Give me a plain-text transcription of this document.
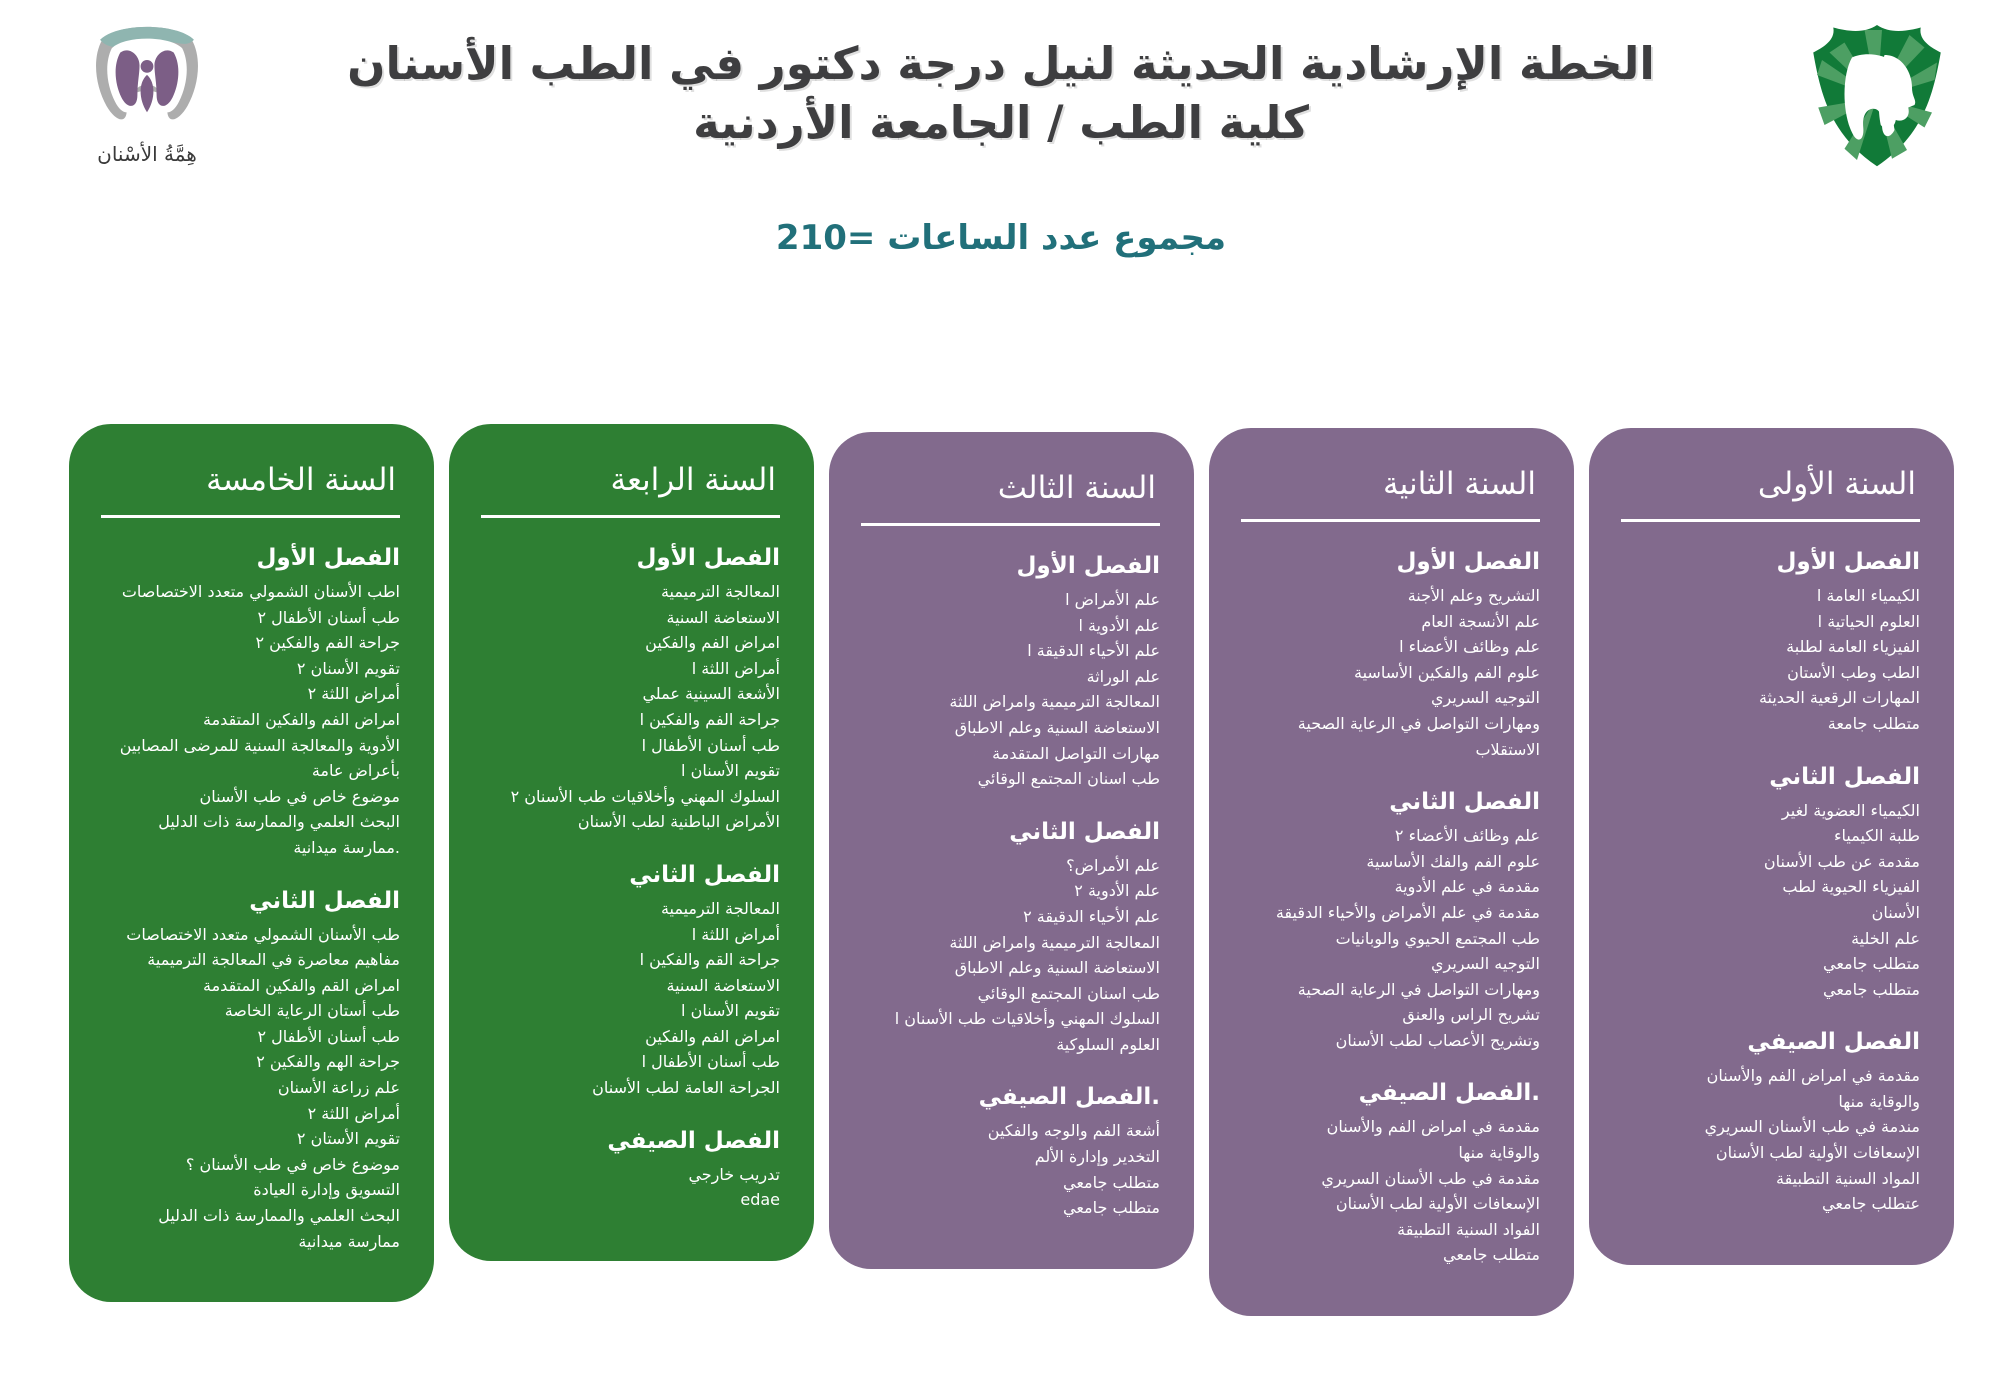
هِمَّةُ الأسْنان
الخطة الإرشادية الحديثة لنيل درجة دكتور في الطب الأسنان
كلية الطب / الجامعة الأردنية
مجموع عدد الساعات =210
السنة الأولى
الفصل الأول
الكيمياء العامة ا
العلوم الحياتية ا
الفيزياء العامة لطلبة
الطب وطب الأستان
المهارات الرقعية الحديثة
متطلب جامعة
الفصل الثاني
الكيمياء العضوية لغير
طلبة الكيمياء
مقدمة عن طب الأسنان
الفيزياء الحيوية لطب
الأسنان
علم الخلية
متطلب جامعي
متطلب جامعي
الفصل الصيفي
مقدمة في امراض الفم والأسنان
والوقاية منها
مندمة في طب الأسنان السريري
الإسعافات الأولية لطب الأسنان
المواد السنية التطبيقة
عتطلب جامعي
السنة الثانية
الفصل الأول
التشريح وعلم الأجنة
علم الأنسجة العام
علم وظائف الأعضاء ا
علوم الفم والفكين الأساسية
التوجيه السريري
ومهارات التواصل في الرعاية الصحية
الاستقلاب
الفصل الثاني
علم وظائف الأعضاء ٢
علوم الفم والفك الأساسية
مقدمة في علم الأدوية
مقدمة في علم الأمراض والأحياء الدقيقة
طب المجتمع الحيوي والوبانيات
التوجيه السريري
ومهارات التواصل في الرعاية الصحية
تشريح الراس والعنق
وتشريح الأعصاب لطب الأسنان
.الفصل الصيفي
مقدمة في امراض الفم والأسنان
والوقاية منها
مقدمة في طب الأسنان السريري
الإسعافات الأولية لطب الأسنان
الفواد السنية التطبيقة
متطلب جامعي
السنة الثالث
الفصل الأول
علم الأمراض ا
علم الأدوية ا
علم الأحياء الدقيقة ا
علم الوراثة
المعالجة الترميمية وامراض اللثة
الاستعاضة السنية وعلم الاطباق
مهارات التواصل المتقدمة
طب اسنان المجتمع الوقائي
الفصل الثاني
علم الأمراض؟
علم الأدوية ٢
علم الأحياء الدقيقة ٢
المعالجة الترميمية وامراض اللثة
الاستعاضة السنية وعلم الاطباق
طب اسنان المجتمع الوقائي
السلوك المهني وأخلاقيات طب الأسنان ا
العلوم السلوكية
.الفصل الصيفي
أشعة الفم والوجه والفكين
التخدير وإدارة الألم
متطلب جامعي
متطلب جامعي
السنة الرابعة
الفصل الأول
المعالجة الترميمية
الاستعاضة السنية
امراض الفم والفكين
أمراض اللثة ا
الأشعة السينية عملي
جراحة الفم والفكين ا
طب أسنان الأطفال ا
تقويم الأسنان ا
السلوك المهني وأخلاقيات طب الأسنان ٢
الأمراض الباطنية لطب الأسنان
الفصل الثاني
المعالجة الترميمية
أمراض اللثة ا
جراحة القم والفكين ا
الاستعاضة السنية
تقويم الأسنان ا
امراض الفم والفكين
طب أسنان الأطفال ا
الجراحة العامة لطب الأسنان
الفصل الصيفي
تدريب خارجي
edae
السنة الخامسة
الفصل الأول
اطب الأسنان الشمولي متعدد الاختصاصات
طب أسنان الأطفال ٢
جراحة الفم والفكين ٢
تقويم الأسنان ٢
أمراض اللثة ٢
امراض الفم والفكين المتقدمة
الأدوية والمعالجة السنية للمرضى المصابين بأعراض عامة
موضوع خاص في طب الأسنان
البحث العلمي والممارسة ذات الدليل
.ممارسة ميدانية
الفصل الثاني
طب الأسنان الشمولي متعدد الاختصاصات
مفاهيم معاصرة في المعالجة الترميمية
امراض القم والفكين المتقدمة
طب أستان الرعاية الخاصة
طب أسنان الأطفال ٢
جراحة الهم والفكين ٢
علم زراعة الأسنان
أمراض اللثة ٢
تقويم الأستان ٢
موضوع خاص في طب الأسنان ؟
التسويق وإدارة العيادة
البحث العلمي والممارسة ذات الدليل
ممارسة ميدانية
